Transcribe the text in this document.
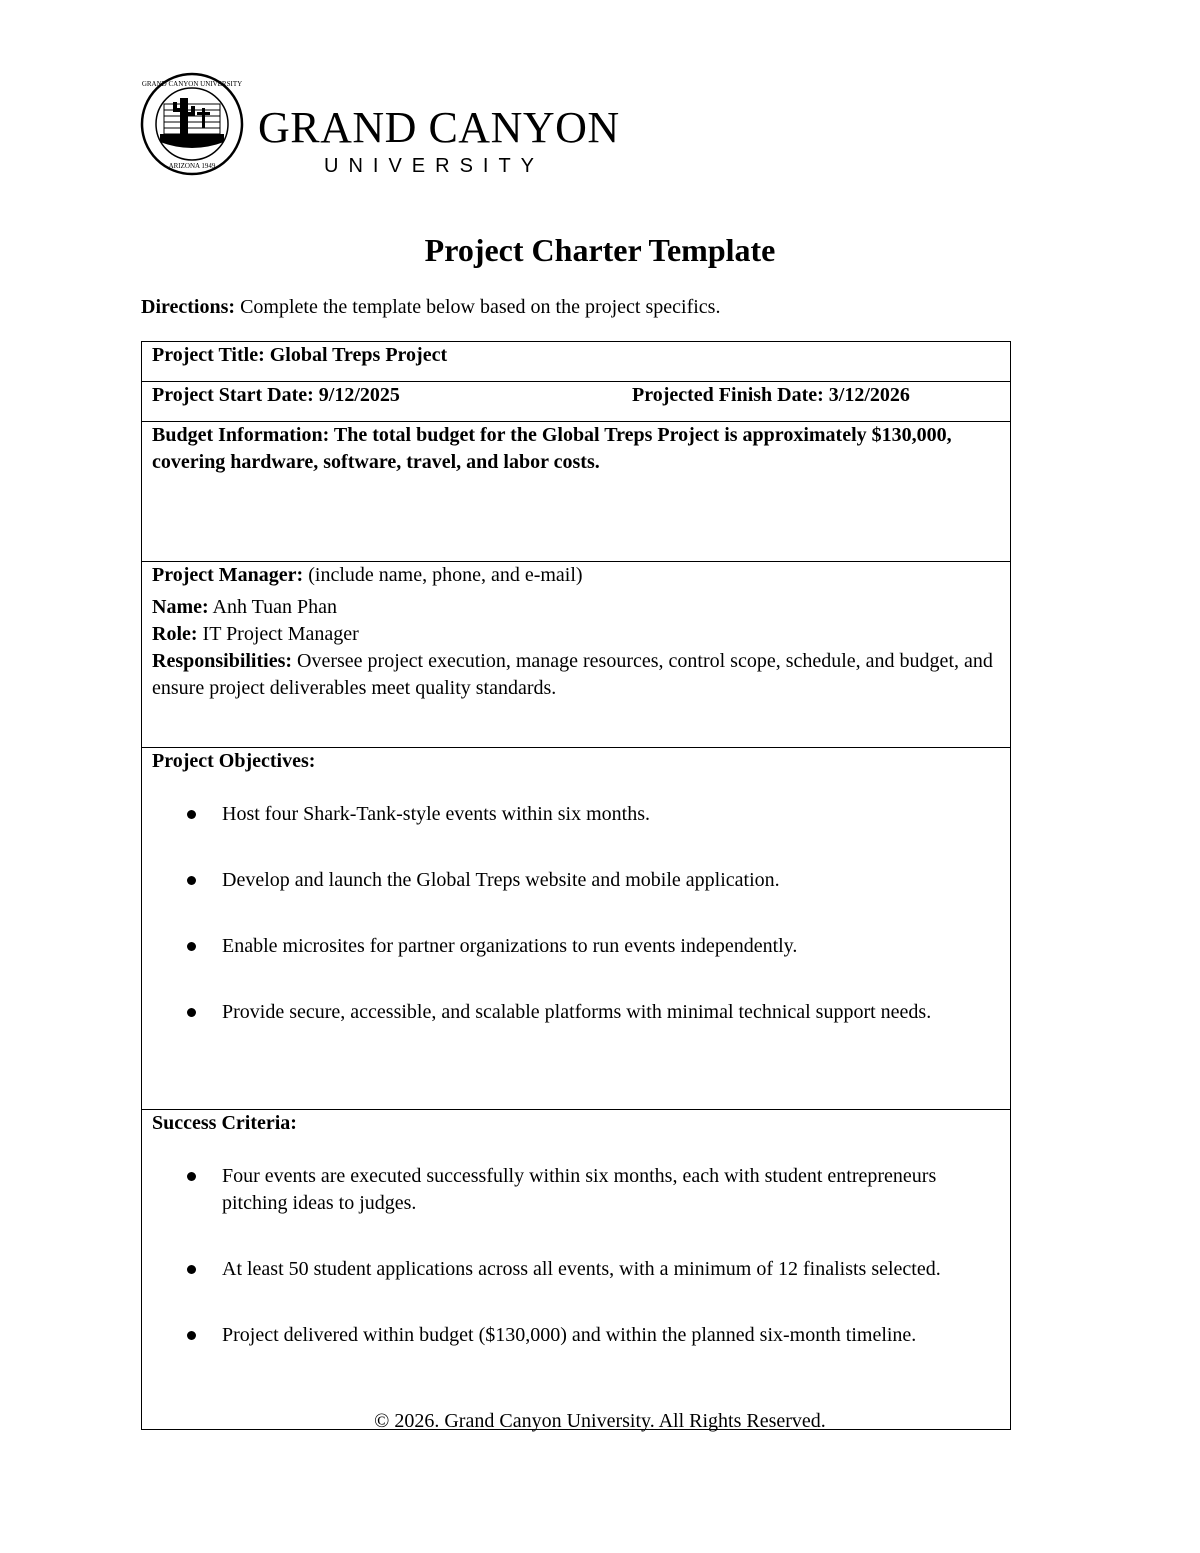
GRAND CANYON UNIVERSITY
ARIZONA 1949
GRAND CANYON
UNIVERSITY
Project Charter Template
Directions: Complete the template below based on the project specifics.
Project Title: Global Treps Project

Project Start Date: 9/12/2025	Projected Finish Date: 3/12/2026

Budget Information: The total budget for the Global Treps Project is approximately $130,000, covering hardware, software, travel, and labor costs.

Project Manager: (include name, phone, and e-mail)
Name: Anh Tuan Phan
Role: IT Project Manager
Responsibilities: Oversee project execution, manage resources, control scope, schedule, and budget, and ensure project deliverables meet quality standards.

Project Objectives:
Host four Shark-Tank-style events within six months.
Develop and launch the Global Treps website and mobile application.
Enable microsites for partner organizations to run events independently.
Provide secure, accessible, and scalable platforms with minimal technical support needs.

Success Criteria:
Four events are executed successfully within six months, each with student entrepreneurs pitching ideas to judges.
At least 50 student applications across all events, with a minimum of 12 finalists selected.
Project delivered within budget ($130,000) and within the planned six-month timeline.
© 2026. Grand Canyon University. All Rights Reserved.
